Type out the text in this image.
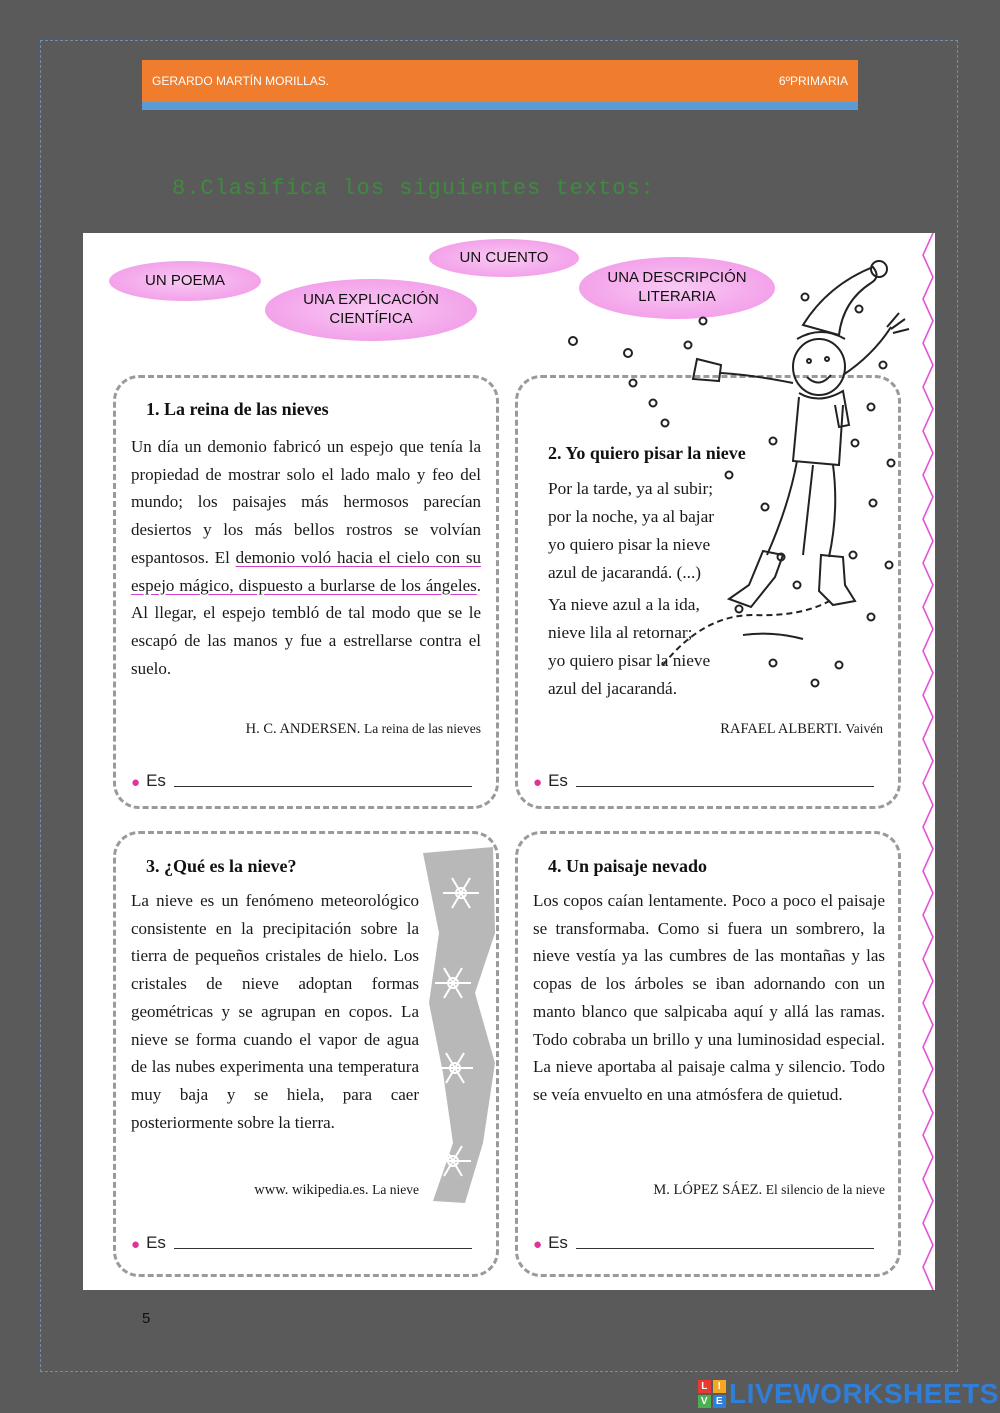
GERARDO MARTÍN MORILLAS.	6ºPRIMARIA
8.Clasifica los siguientes textos:
UN POEMA
UNA EXPLICACIÓN CIENTÍFICA
UN CUENTO
UNA DESCRIPCIÓN LITERARIA
1. La reina de las nieves
Un día un demonio fabricó un espejo que tenía la propiedad de mostrar solo el lado malo y feo del mundo; los paisajes más hermosos parecían desiertos y los más bellos rostros se volvían espantosos. El demonio voló hacia el cielo con su espejo mágico, dispuesto a burlarse de los ángeles. Al llegar, el espejo tembló de tal modo que se le escapó de las manos y fue a estrellarse contra el suelo.
H. C. ANDERSEN. La reina de las nieves
● Es
2. Yo quiero pisar la nieve

Por la tarde, ya al subir;

por la noche, ya al bajar

yo quiero pisar la nieve

azul de jacarandá. (...)

Ya nieve azul a la ida,

nieve lila al retornar;

yo quiero pisar la nieve

azul del jacarandá.

RAFAEL ALBERTI. Vaivén
● Es
3. ¿Qué es la nieve?
La nieve es un fenómeno meteorológico consistente en la precipitación sobre la tierra de pequeños cristales de hielo. Los cristales de nieve adoptan formas geométricas y se agrupan en copos. La nieve se forma cuando el vapor de agua de las nubes experimenta una temperatura muy baja y se hiela, para caer posteriormente sobre la tierra.
www. wikipedia.es. La nieve
● Es
4. Un paisaje nevado
Los copos caían lentamente. Poco a poco el paisaje se transformaba. Como si fuera un sombrero, la nieve vestía ya las cumbres de las montañas y las copas de los árboles se iban adornando con un manto blanco que salpicaba aquí y allá las ramas. Todo cobraba un brillo y una luminosidad especial. La nieve aportaba al paisaje calma y silencio. Todo se veía envuelto en una atmósfera de quietud.
M. LÓPEZ SÁEZ. El silencio de la nieve
● Es
5
L	I
V E LIVEWORKSHEETS
